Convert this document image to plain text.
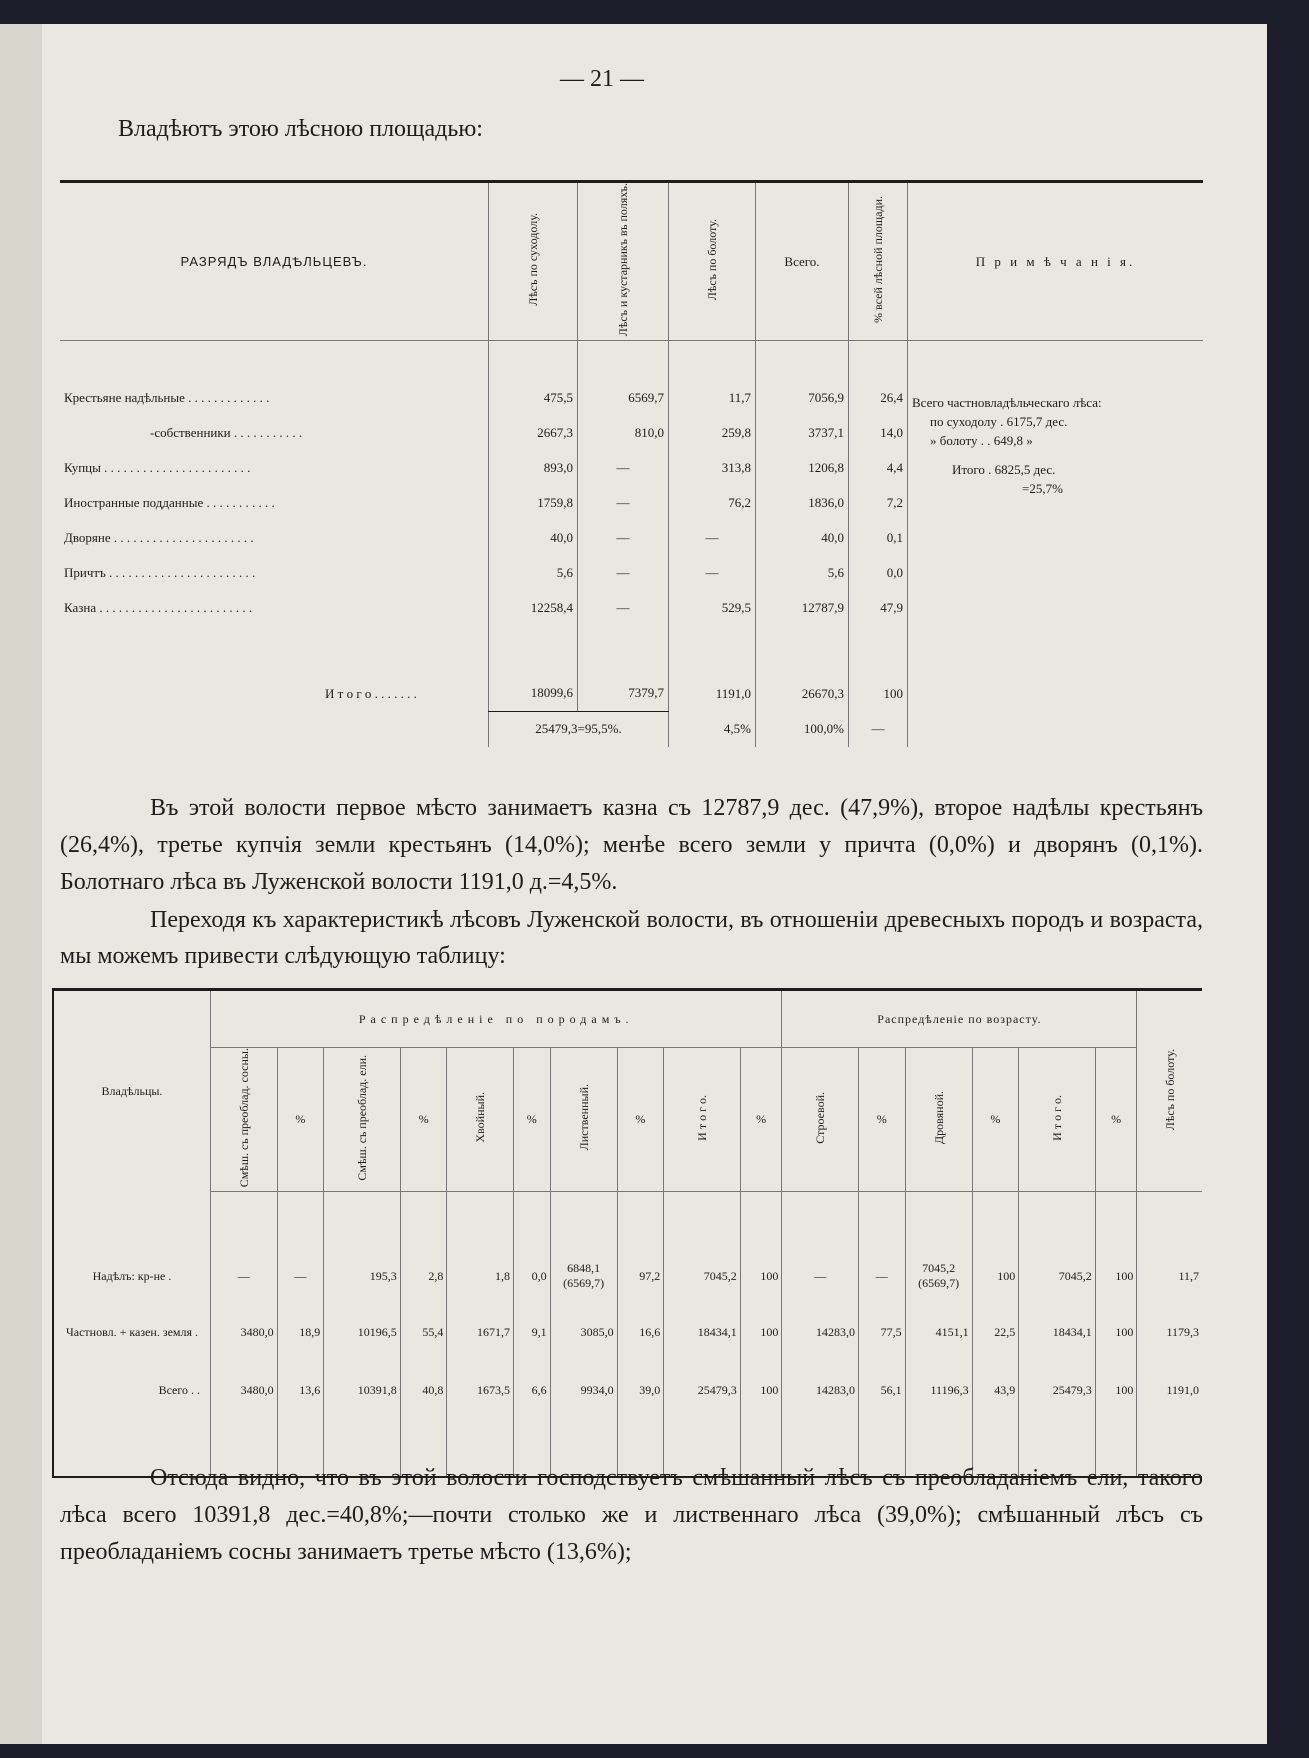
— 21 —
Владѣютъ этою лѣсною площадью:
РАЗРЯДЪ ВЛАДѢЛЬЦЕВЪ.	Лѣсъ по суходолу.	Лѣсъ и кустарникъ въ поляхъ.	Лѣсъ по болоту.	Всего.	% всей лѣсной площади.	П р и м ѣ ч а н і я.

Крестьяне надѣльные . . . . . . . . . . . . .	475,5	6569,7	11,7	7056,9	26,4	Всего частновладѣльческаго лѣса:
по суходолу . 6175,7 дес.
» болоту . . 649,8 »
Итого . 6825,5 дес.
=25,7%

-собственники . . . . . . . . . . .	2667,3	810,0	259,8	3737,1	14,0	
Купцы . . . . . . . . . . . . . . . . . . . . . . .	893,0	—	313,8	1206,8	4,4	
Иностранные подданные . . . . . . . . . . .	1759,8	—	76,2	1836,0	7,2	
Дворяне . . . . . . . . . . . . . . . . . . . . . .	40,0	—	—	40,0	0,1	
Причтъ . . . . . . . . . . . . . . . . . . . . . . .	5,6	—	—	5,6	0,0	
Казна . . . . . . . . . . . . . . . . . . . . . . . .	12258,4	—	529,5	12787,9	47,9	

И т о г о . . . . . . .	18099,6	7379,7	1191,0	26670,3	100	
	25479,3=95,5%.		4,5%	100,0%	—	
Въ этой волости первое мѣсто занимаетъ казна съ 12787,9 дес. (47,9%), второе надѣлы крестьянъ (26,4%), третье купчія земли крестьянъ (14,0%); менѣе всего земли у причта (0,0%) и дворянъ (0,1%). Болотнаго лѣса въ Луженской волости 1191,0 д.=4,5%.
Переходя къ характеристикѣ лѣсовъ Луженской волости, въ отношеніи древесныхъ породъ и возраста, мы можемъ привести слѣдующую таблицу:
Владѣльцы.	Распредѣленіе по породамъ.										Распредѣленіе по возрасту.						Лѣсъ по болоту.
	Смѣш. съ преоблад. сосны.	%	Смѣш. съ преоблад. ели.	%	Хвойный.	%	Лиственный.	%	И т о г о.	%	Строевой.	%	Дровяной.	%	И т о г о.	%	

Надѣлъ: кр-не .	—	—	195,3	2,8	1,8	0,0	6848,1 (6569,7)	97,2	7045,2	100	—	—	7045,2 (6569,7)	100	7045,2	100	11,7
Частновл. + казен. земля .	3480,0	18,9	10196,5	55,4	1671,7	9,1	3085,0	16,6	18434,1	100	14283,0	77,5	4151,1	22,5	18434,1	100	1179,3
Всего . .	3480,0	13,6	10391,8	40,8	1673,5	6,6	9934,0	39,0	25479,3	100	14283,0	56,1	11196,3	43,9	25479,3	100	1191,0

Отсюда видно, что въ этой волости господствуетъ смѣшанный лѣсъ съ преобладаніемъ ели, такого лѣса всего 10391,8 дес.=40,8%;—почти столько же и лиственнаго лѣса (39,0%); смѣшанный лѣсъ съ преобладаніемъ сосны занимаетъ третье мѣсто (13,6%);
